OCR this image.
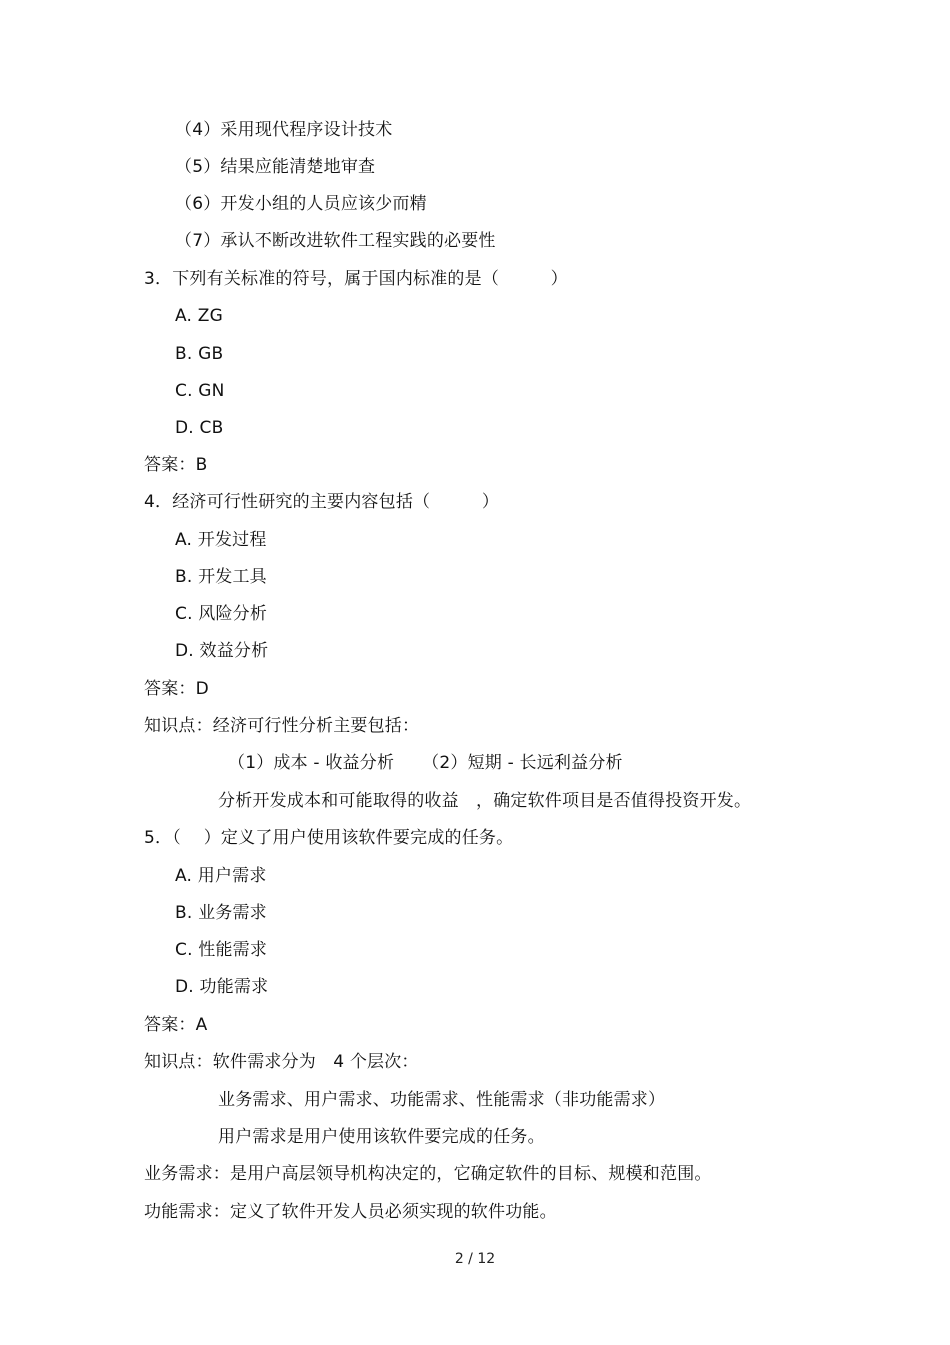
（4）采用现代程序设计技术
（5）结果应能清楚地审查
（6）开发小组的人员应该少而精
（7）承认不断改进软件工程实践的必要性
3．下列有关标准的符号，属于国内标准的是（　　　）
A. ZG
B. GB
C. GN
D. CB
答案：B
4．经济可行性研究的主要内容包括（　　　）
A. 开发过程
B. 开发工具
C. 风险分析
D. 效益分析
答案：D
知识点：经济可行性分析主要包括：
（1）成本 - 收益分析 （2）短期 - 长远利益分析
分析开发成本和可能取得的收益　，确定软件项目是否值得投资开发。
5．（　 ）定义了用户使用该软件要完成的任务。
A. 用户需求
B. 业务需求
C. 性能需求
D. 功能需求
答案：A
知识点：软件需求分为　4 个层次：
业务需求、用户需求、功能需求、性能需求（非功能需求）
用户需求是用户使用该软件要完成的任务。
业务需求：是用户高层领导机构决定的，它确定软件的目标、规模和范围。
功能需求：定义了软件开发人员必须实现的软件功能。
2 / 12
